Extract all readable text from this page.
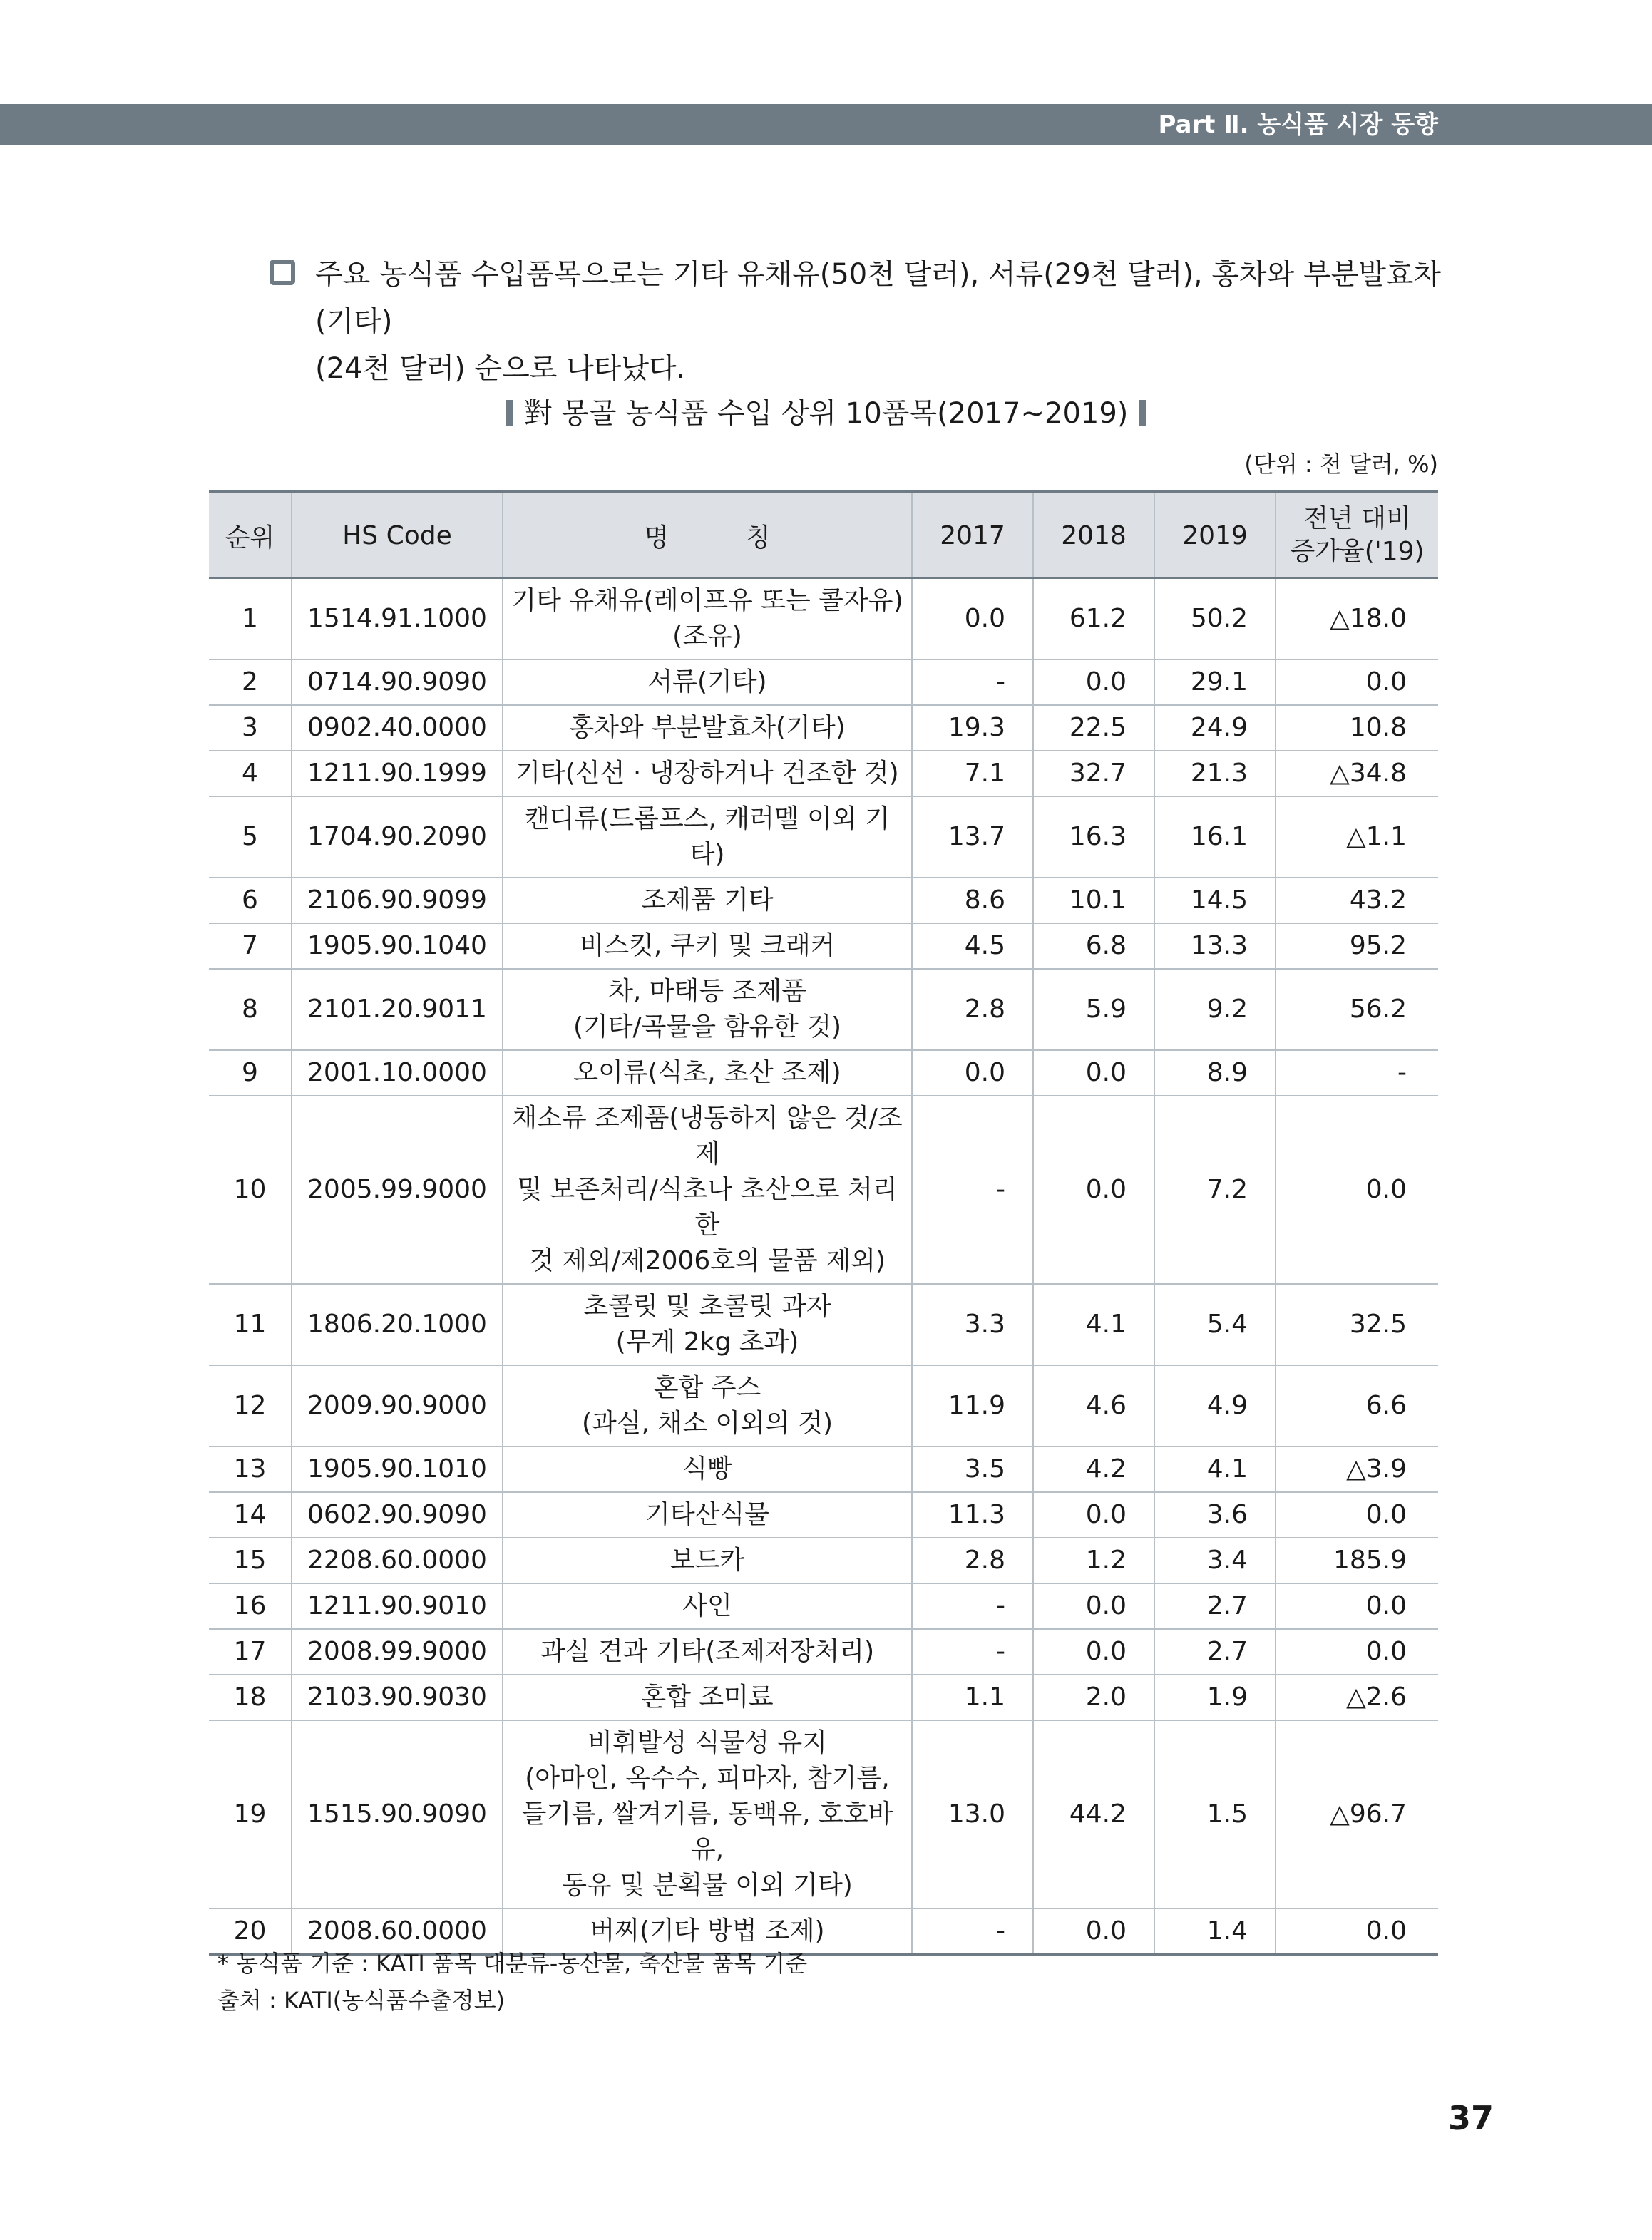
Part Ⅱ. 농식품 시장 동향
주요 농식품 수입품목으로는 기타 유채유(50천 달러), 서류(29천 달러), 홍차와 부분발효차(기타)
(24천 달러) 순으로 나타났다.
對 몽골 농식품 수입 상위 10품목(2017~2019)
(단위 : 천 달러, %)
순위	HS Code	명　　　칭	2017	2018	2019	전년 대비
증가율('19)

1	1514.91.1000	기타 유채유(레이프유 또는 콜자유)
(조유)	0.0	61.2	50.2	△18.0
2	0714.90.9090	서류(기타)	-	0.0	29.1	0.0
3	0902.40.0000	홍차와 부분발효차(기타)	19.3	22.5	24.9	10.8
4	1211.90.1999	기타(신선 · 냉장하거나 건조한 것)	7.1	32.7	21.3	△34.8
5	1704.90.2090	캔디류(드롭프스, 캐러멜 이외 기타)	13.7	16.3	16.1	△1.1
6	2106.90.9099	조제품 기타	8.6	10.1	14.5	43.2
7	1905.90.1040	비스킷, 쿠키 및 크래커	4.5	6.8	13.3	95.2
8	2101.20.9011	차, 마태등 조제품
(기타/곡물을 함유한 것)	2.8	5.9	9.2	56.2
9	2001.10.0000	오이류(식초, 초산 조제)	0.0	0.0	8.9	-
10	2005.99.9000	채소류 조제품(냉동하지 않은 것/조제
및 보존처리/식초나 초산으로 처리한
것 제외/제2006호의 물품 제외)	-	0.0	7.2	0.0
11	1806.20.1000	초콜릿 및 초콜릿 과자
(무게 2kg 초과)	3.3	4.1	5.4	32.5
12	2009.90.9000	혼합 주스
(과실, 채소 이외의 것)	11.9	4.6	4.9	6.6
13	1905.90.1010	식빵	3.5	4.2	4.1	△3.9
14	0602.90.9090	기타산식물	11.3	0.0	3.6	0.0
15	2208.60.0000	보드카	2.8	1.2	3.4	185.9
16	1211.90.9010	사인	-	0.0	2.7	0.0
17	2008.99.9000	과실 견과 기타(조제저장처리)	-	0.0	2.7	0.0
18	2103.90.9030	혼합 조미료	1.1	2.0	1.9	△2.6
19	1515.90.9090	비휘발성 식물성 유지
(아마인, 옥수수, 피마자, 참기름,
들기름, 쌀겨기름, 동백유, 호호바유,
동유 및 분획물 이외 기타)	13.0	44.2	1.5	△96.7
20	2008.60.0000	버찌(기타 방법 조제)	-	0.0	1.4	0.0
* 농식품 기준 : KATI 품목 대분류-농산물, 축산물 품목 기준
출처 : KATI(농식품수출정보)
37
